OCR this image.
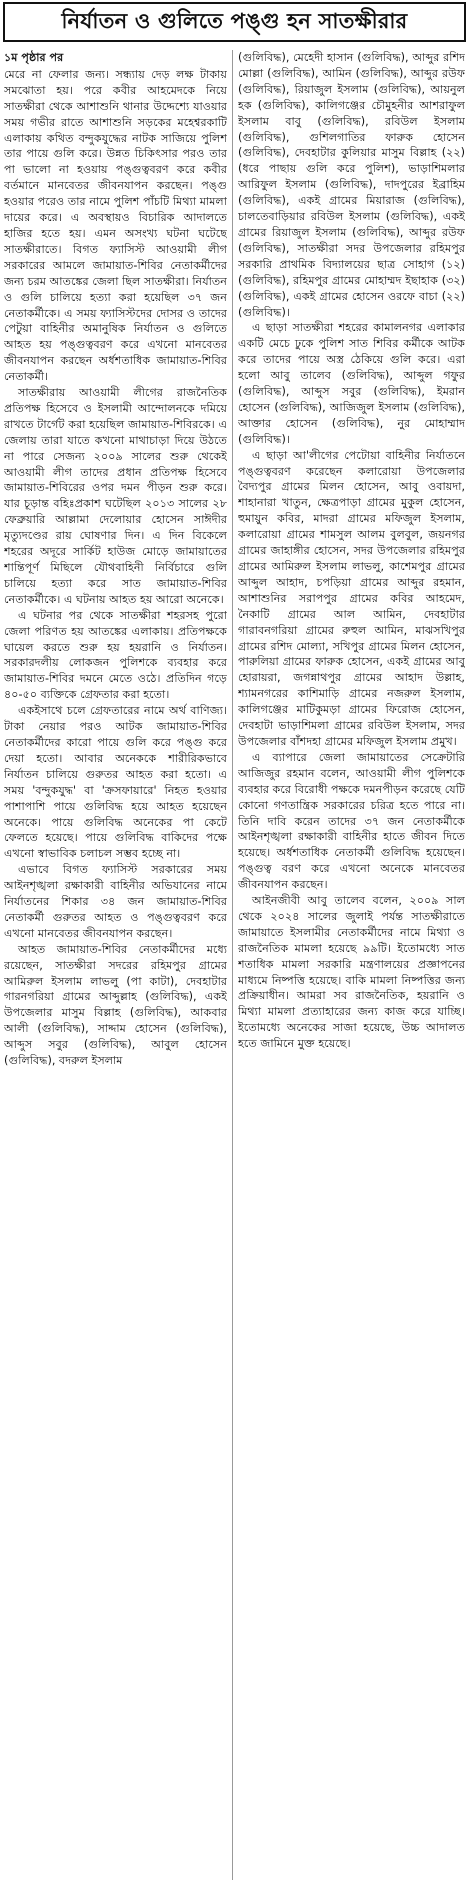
নির্যাতন ও গুলিতে পঙ্গু হন সাতক্ষীরার
১ম পৃষ্ঠার পর

মেরে না ফেলার জন্য। সন্ধ্যায় দেড় লক্ষ টাকায় সমঝোতা হয়। পরে কবীর আহমেদকে নিয়ে সাতক্ষীরা থেকে আশাশুনি থানার উদ্দেশ্যে যাওয়ার সময় গভীর রাতে আশাশুনি সড়কের মহেশ্বরকাটি এলাকায় কথিত বন্দুকযুদ্ধের নাটক সাজিয়ে পুলিশ তার পায়ে গুলি করে। উন্নত চিকিৎসার পরও তার পা ভালো না হওয়ায় পঙ্গুত্ববরণ করে কবীর বর্তমানে মানবেতর জীবনযাপন করছেন। পঙ্গু হওয়ার পরেও তার নামে পুলিশ পাঁচটি মিথ্যা মামলা দায়ের করে। এ অবস্থায়ও বিচারিক আদালতে হাজির হতে হয়। এমন অসংখ্য ঘটনা ঘটেছে সাতক্ষীরাতে। বিগত ফ্যাসিস্ট আওয়ামী লীগ সরকারের আমলে জামায়াত-শিবির নেতাকর্মীদের জন্য চরম আতঙ্কের জেলা ছিল সাতক্ষীরা। নির্যাতন ও গুলি চালিয়ে হত্যা করা হয়েছিল ৩৭ জন নেতাকর্মীকে। এ সময় ফ্যাসিস্টদের দোসর ও তাদের পেটুয়া বাহিনীর অমানুষিক নির্যাতন ও গুলিতে আহত হয় পঙ্গুত্ববরণ করে এখনো মানবেতর জীবনযাপন করছেন অর্ধশতাধিক জামায়াত-শিবির নেতাকর্মী।

সাতক্ষীরায় আওয়ামী লীগের রাজনৈতিক প্রতিপক্ষ হিসেবে ও ইসলামী আন্দোলনকে দমিয়ে রাখতে টার্গেট করা হয়েছিল জামায়াত-শিবিরকে। এ জেলায় তারা যাতে কখনো মাথাচাড়া দিয়ে উঠতে না পারে সেজন্য ২০০৯ সালের শুরু থেকেই আওয়ামী লীগ তাদের প্রধান প্রতিপক্ষ হিসেবে জামায়াত-শিবিরের ওপর দমন পীড়ন শুরু করে। যার চূড়ান্ত বহিঃপ্রকাশ ঘটেছিল ২০১৩ সালের ২৮ ফেব্রুয়ারি আল্লামা দেলোয়ার হোসেন সাঈদীর মৃত্যুদণ্ডের রায় ঘোষণার দিন। এ দিন বিকেলে শহরের অদূরে সার্কিট হাউজ মোড়ে জামায়াতের শান্তিপূর্ণ মিছিলে যৌথবাহিনী নির্বিচারে গুলি চালিয়ে হত্যা করে সাত জামায়াত-শিবির নেতাকর্মীকে। এ ঘটনায় আহত হয় আরো অনেকে।

এ ঘটনার পর থেকে সাতক্ষীরা শহরসহ পুরো জেলা পরিণত হয় আতঙ্কের এলাকায়। প্রতিপক্ষকে ঘায়েল করতে শুরু হয় হয়রানি ও নির্যাতন। সরকারদলীয় লোকজন পুলিশকে ব্যবহার করে জামায়াত-শিবির দমনে মেতে ওঠে। প্রতিদিন গড়ে ৪০-৫০ ব্যক্তিকে গ্রেফতার করা হতো।

একইসাথে চলে গ্রেফতারের নামে অর্থ বাণিজ্য। টাকা নেয়ার পরও আটক জামায়াত-শিবির নেতাকর্মীদের কারো পায়ে গুলি করে পঙ্গু করে দেয়া হতো। আবার অনেককে শারীরিকভাবে নির্যাতন চালিয়ে গুরুতর আহত করা হতো। এ সময় 'বন্দুকযুদ্ধ' বা 'ক্রসফায়ারে' নিহত হওয়ার পাশাপাশি পায়ে গুলিবিদ্ধ হয়ে আহত হয়েছেন অনেকে। পায়ে গুলিবিদ্ধ অনেকের পা কেটে ফেলতে হয়েছে। পায়ে গুলিবিদ্ধ বাকিদের পক্ষে এখনো স্বাভাবিক চলাচল সম্ভব হচ্ছে না।

এভাবে বিগত ফ্যাসিস্ট সরকারের সময় আইনশৃঙ্খলা রক্ষাকারী বাহিনীর অভিযানের নামে নির্যাতনের শিকার ৩৪ জন জামায়াত-শিবির নেতাকর্মী গুরুতর আহত ও পঙ্গুত্ববরণ করে এখনো মানবেতর জীবনযাপন করছেন।

আহত জামায়াত-শিবির নেতাকর্মীদের মধ্যে রয়েছেন, সাতক্ষীরা সদরের রহিমপুর গ্রামের আমিরুল ইসলাম লাভলু (পা কাটা), দেবহাটার গারনগরিয়া গ্রামের আব্দুল্লাহ (গুলিবিদ্ধ), একই উপজেলার মাসুম বিল্লাহ (গুলিবিদ্ধ), আকবার আলী (গুলিবিদ্ধ), সাদ্দাম হোসেন (গুলিবিদ্ধ), আব্দুস সবুর (গুলিবিদ্ধ), আবুল হোসেন (গুলিবিদ্ধ), বদরুল ইসলাম

(গুলিবিদ্ধ), মেহেদী হাসান (গুলিবিদ্ধ), আব্দুর রশিদ মোল্লা (গুলিবিদ্ধ), আমিন (গুলিবিদ্ধ), আব্দুর রউফ (গুলিবিদ্ধ), রিয়াজুল ইসলাম (গুলিবিদ্ধ), আয়নুল হক (গুলিবিদ্ধ), কালিগঞ্জের চৌমুহনীর আশরাফুল ইসলাম বাবু (গুলিবিদ্ধ), রবিউল ইসলাম (গুলিবিদ্ধ), গুশিলগাতির ফারুক হোসেন (গুলিবিদ্ধ), দেবহাটার কুলিয়ার মাসুম বিল্লাহ (২২) (ধরে পাছায় গুলি করে পুলিশ), ভাড়াশিমলার আরিফুল ইসলাম (গুলিবিদ্ধ), দাদপুরের ইব্রাহিম (গুলিবিদ্ধ), একই গ্রামের মিয়ারাজ (গুলিবিদ্ধ), চালতেবাড়িয়ার রবিউল ইসলাম (গুলিবিদ্ধ), একই গ্রামের রিয়াজুল ইসলাম (গুলিবিদ্ধ), আব্দুর রউফ (গুলিবিদ্ধ), সাতক্ষীরা সদর উপজেলার রহিমপুর সরকারি প্রাথমিক বিদ্যালয়ের ছাত্র সোহাগ (১২) (গুলিবিদ্ধ), রহিমপুর গ্রামের মোহাম্মদ ইছাহাক (৩২) (গুলিবিদ্ধ), একই গ্রামের হোসেন ওরফে বাচা (২২) (গুলিবিদ্ধ)।

এ ছাড়া সাতক্ষীরা শহরের কামালনগর এলাকার একটি মেচে ঢুকে পুলিশ সাত শিবির কর্মীকে আটক করে তাদের পায়ে অস্ত্র ঠেকিয়ে গুলি করে। এরা হলো আবু তালেব (গুলিবিদ্ধ), আব্দুল গফুর (গুলিবিদ্ধ), আব্দুস সবুর (গুলিবিদ্ধ), ইমরান হোসেন (গুলিবিদ্ধ), আজিজুল ইসলাম (গুলিবিদ্ধ), আক্তার হোসেন (গুলিবিদ্ধ), নুর মোহাম্মাদ (গুলিবিদ্ধ)।

এ ছাড়া আ'লীগের পেটোয়া বাহিনীর নির্যাতনে পঙ্গুত্ববরণ করেছেন কলারোয়া উপজেলার বৈদ্যপুর গ্রামের মিলন হোসেন, আবু ওবায়দা, শাহানারা খাতুন, ক্ষেত্রপাড়া গ্রামের মুকুল হোসেন, হুমায়ুন কবির, মাদরা গ্রামের মফিজুল ইসলাম, কলারোয়া গ্রামের শামসুল আলম বুলবুল, জয়নগর গ্রামের জাহাঙ্গীর হোসেন, সদর উপজেলার রহিমপুর গ্রামের আমিরুল ইসলাম লাভলু, কাশেমপুর গ্রামের আব্দুল আহাদ, চপড়িয়া গ্রামের আব্দুর রহমান, আশাশুনির সরাপপুর গ্রামের কবির আহমেদ, নৈকাটি গ্রামের আল আমিন, দেবহাটার গারাবনগরিয়া গ্রামের রুহুল আমিন, মাঝসখিপুর গ্রামের রশিদ মোল্যা, সখিপুর গ্রামের মিলন হোসেন, পারুলিয়া গ্রামের ফারুক হোসেন, একই গ্রামের আবু হোরায়রা, জগন্নাথপুর গ্রামের আহাদ উল্লাহ, শ্যামনগরের কাশিমাড়ি গ্রামের নজরুল ইসলাম, কালিগঞ্জের মাটিকুমড়া গ্রামের ফিরোজ হোসেন, দেবহাটা ভাড়াশিমলা গ্রামের রবিউল ইসলাম, সদর উপজেলার বাঁশদহা গ্রামের মফিজুল ইসলাম প্রমুখ।

এ ব্যাপারে জেলা জামায়াতের সেক্রেটারি আজিজুর রহমান বলেন, আওয়ামী লীগ পুলিশকে ব্যবহার করে বিরোধী পক্ষকে দমনপীড়ন করেছে যেটি কোনো গণতান্ত্রিক সরকারের চরিত্র হতে পারে না। তিনি দাবি করেন তাদের ৩৭ জন নেতাকর্মীকে আইনশৃঙ্খলা রক্ষাকারী বাহিনীর হাতে জীবন দিতে হয়েছে। অর্ধশতাধিক নেতাকর্মী গুলিবিদ্ধ হয়েছেন। পঙ্গুত্ব বরণ করে এখনো অনেকে মানবেতর জীবনযাপন করছেন।

আইনজীবী আবু তালেব বলেন, ২০০৯ সাল থেকে ২০২৪ সালের জুলাই পর্যন্ত সাতক্ষীরাতে জামায়াতে ইসলামীর নেতাকর্মীদের নামে মিথ্যা ও রাজনৈতিক মামলা হয়েছে ৯৯টি। ইতোমধ্যে সাত শতাধিক মামলা সরকারি মন্ত্রণালয়ের প্রজ্ঞাপনের মাধ্যমে নিষ্পত্তি হয়েছে। বাকি মামলা নিষ্পত্তির জন্য প্রক্রিয়াধীন। আমরা সব রাজনৈতিক, হয়রানি ও মিথ্যা মামলা প্রত্যাহারের জন্য কাজ করে যাচ্ছি। ইতোমধ্যে অনেকের সাজা হয়েছে, উচ্চ আদালত হতে জামিনে মুক্ত হয়েছে।
